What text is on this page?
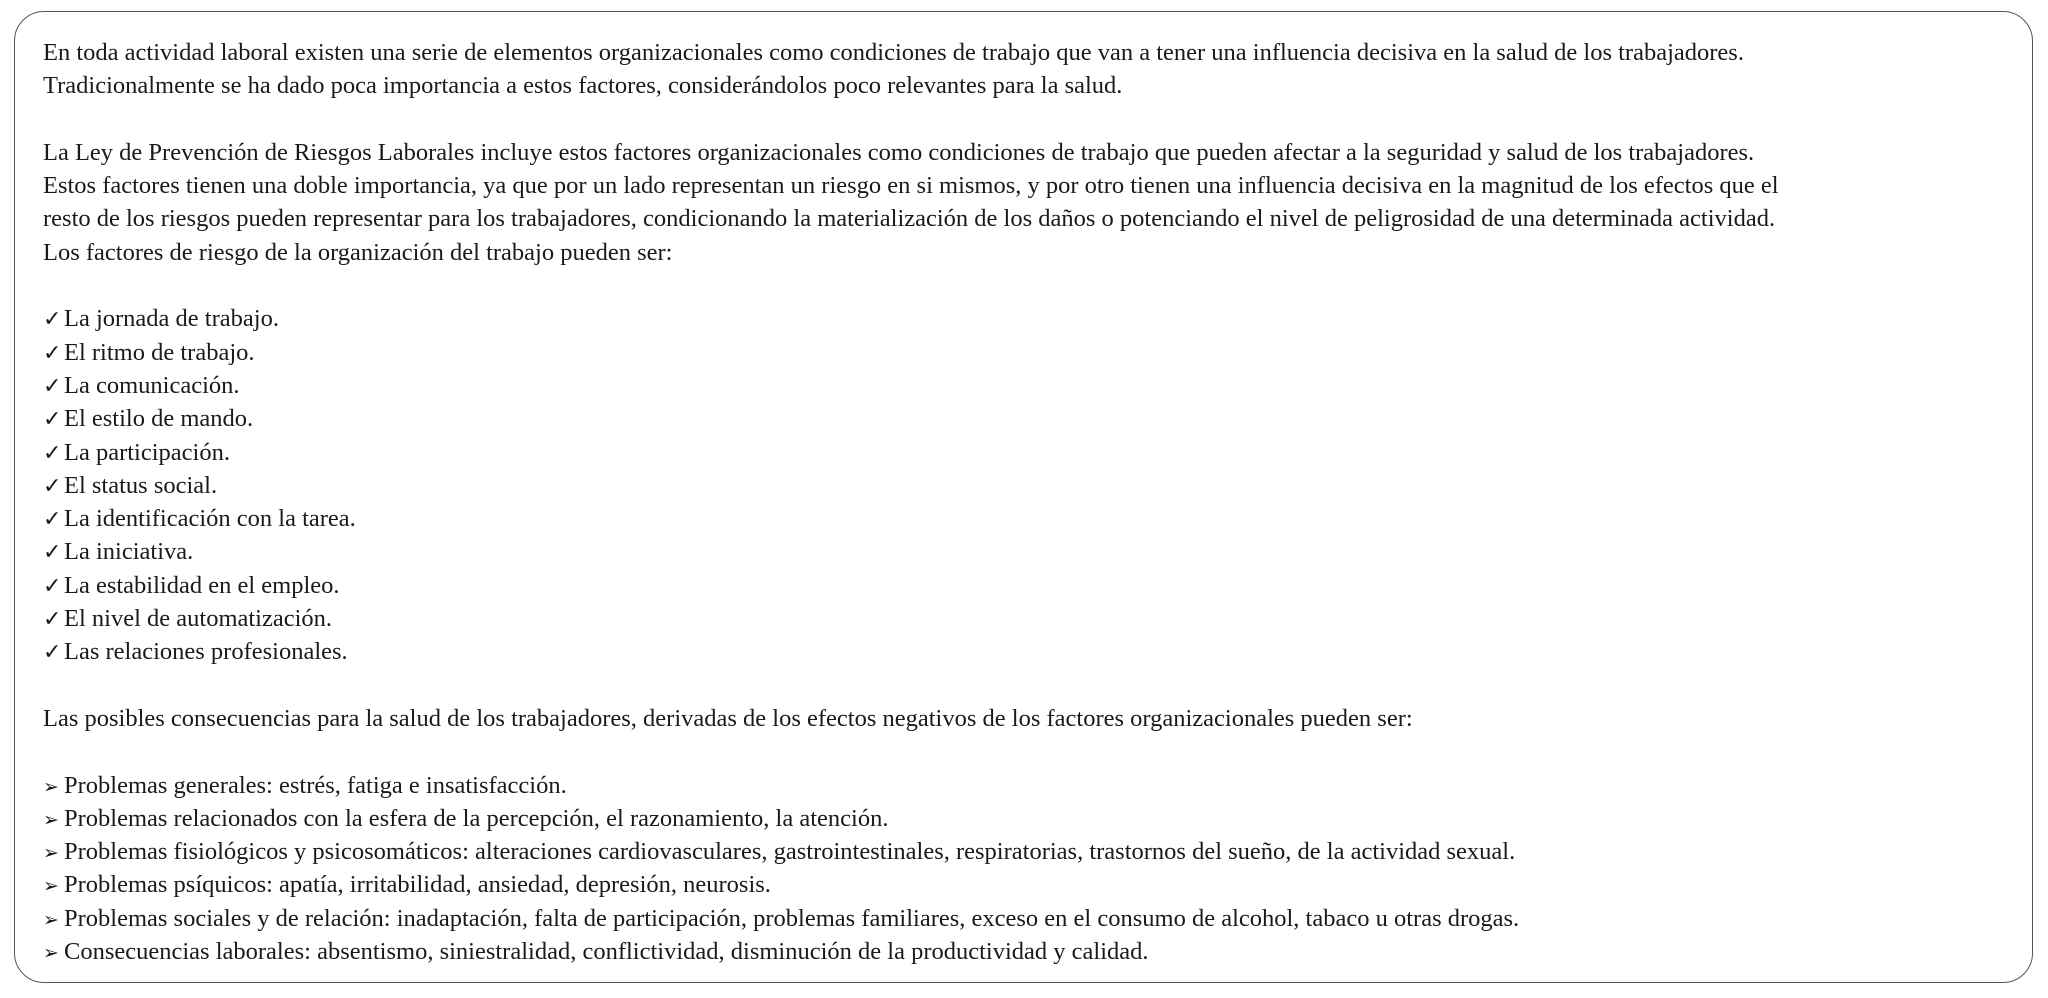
En toda actividad laboral existen una serie de elementos organizacionales como condiciones de trabajo que van a tener una influencia decisiva en la salud de los trabajadores.
Tradicionalmente se ha dado poca importancia a estos factores, considerándolos poco relevantes para la salud.
La Ley de Prevención de Riesgos Laborales incluye estos factores organizacionales como condiciones de trabajo que pueden afectar a la seguridad y salud de los trabajadores.
Estos factores tienen una doble importancia, ya que por un lado representan un riesgo en si mismos, y por otro tienen una influencia decisiva en la magnitud de los efectos que el
resto de los riesgos pueden representar para los trabajadores, condicionando la materialización de los daños o potenciando el nivel de peligrosidad de una determinada actividad.
Los factores de riesgo de la organización del trabajo pueden ser:
✓ La jornada de trabajo.
✓ El ritmo de trabajo.
✓ La comunicación.
✓ El estilo de mando.
✓ La participación.
✓ El status social.
✓ La identificación con la tarea.
✓ La iniciativa.
✓ La estabilidad en el empleo.
✓ El nivel de automatización.
✓ Las relaciones profesionales.
Las posibles consecuencias para la salud de los trabajadores, derivadas de los efectos negativos de los factores organizacionales pueden ser:
➢ Problemas generales: estrés, fatiga e insatisfacción.
➢ Problemas relacionados con la esfera de la percepción, el razonamiento, la atención.
➢ Problemas fisiológicos y psicosomáticos: alteraciones cardiovasculares, gastrointestinales, respiratorias, trastornos del sueño, de la actividad sexual.
➢ Problemas psíquicos: apatía, irritabilidad, ansiedad, depresión, neurosis.
➢ Problemas sociales y de relación: inadaptación, falta de participación, problemas familiares, exceso en el consumo de alcohol, tabaco u otras drogas.
➢ Consecuencias laborales: absentismo, siniestralidad, conflictividad, disminución de la productividad y calidad.
